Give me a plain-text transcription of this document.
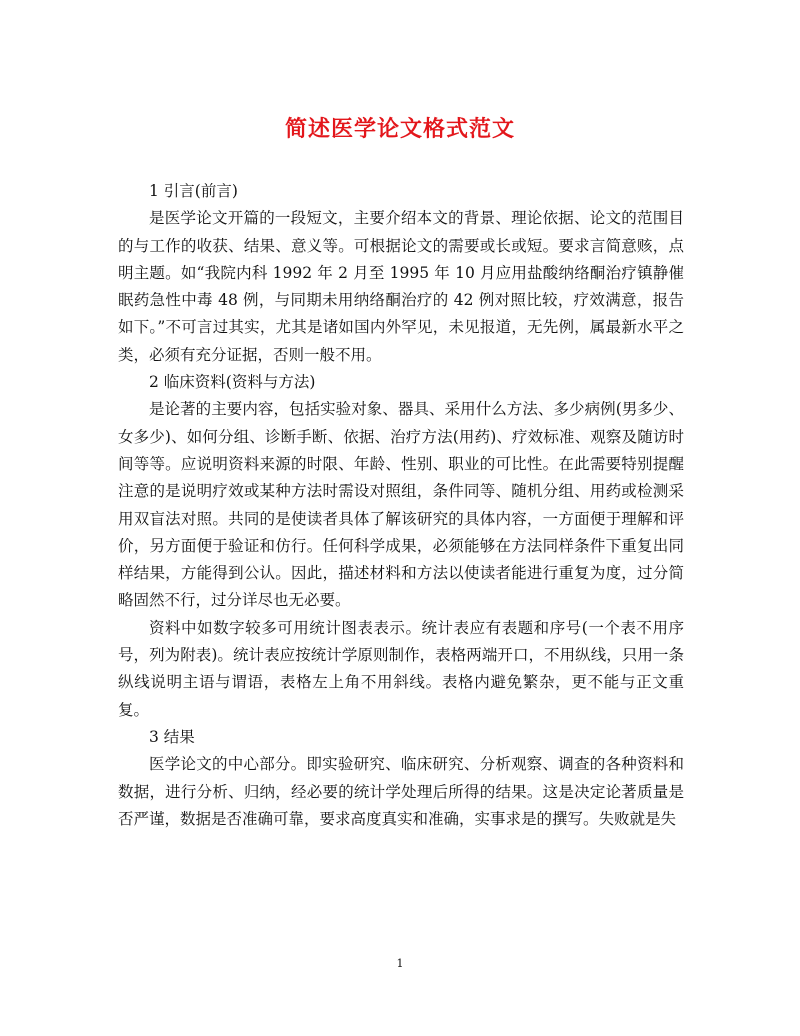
简述医学论文格式范文

1 引言(前言)

是医学论文开篇的一段短文，主要介绍本文的背景、理论依据、论文的范围目的与工作的收获、结果、意义等。可根据论文的需要或长或短。要求言简意赅，点明主题。如“我院内科 1992 年 2 月至 1995 年 10 月应用盐酸纳络酮治疗镇静催眠药急性中毒 48 例，与同期未用纳络酮治疗的 42 例对照比较，疗效满意，报告如下。”不可言过其实，尤其是诸如国内外罕见，未见报道，无先例，属最新水平之类，必须有充分证据，否则一般不用。

2 临床资料(资料与方法)

是论著的主要内容，包括实验对象、器具、采用什么方法、多少病例(男多少、女多少)、如何分组、诊断手断、依据、治疗方法(用药)、疗效标准、观察及随访时间等等。应说明资料来源的时限、年龄、性别、职业的可比性。在此需要特别提醒注意的是说明疗效或某种方法时需设对照组，条件同等、随机分组、用药或检测采用双盲法对照。共同的是使读者具体了解该研究的具体内容，一方面便于理解和评价，另方面便于验证和仿行。任何科学成果，必须能够在方法同样条件下重复出同样结果，方能得到公认。因此，描述材料和方法以使读者能进行重复为度，过分简略固然不行，过分详尽也无必要。

资料中如数字较多可用统计图表表示。统计表应有表题和序号(一个表不用序号，列为附表)。统计表应按统计学原则制作，表格两端开口，不用纵线，只用一条纵线说明主语与谓语，表格左上角不用斜线。表格内避免繁杂，更不能与正文重复。

3 结果

医学论文的中心部分。即实验研究、临床研究、分析观察、调查的各种资料和数据，进行分析、归纳，经必要的统计学处理后所得的结果。这是决定论著质量是否严谨，数据是否准确可靠，要求高度真实和准确，实事求是的撰写。失败就是失

1
